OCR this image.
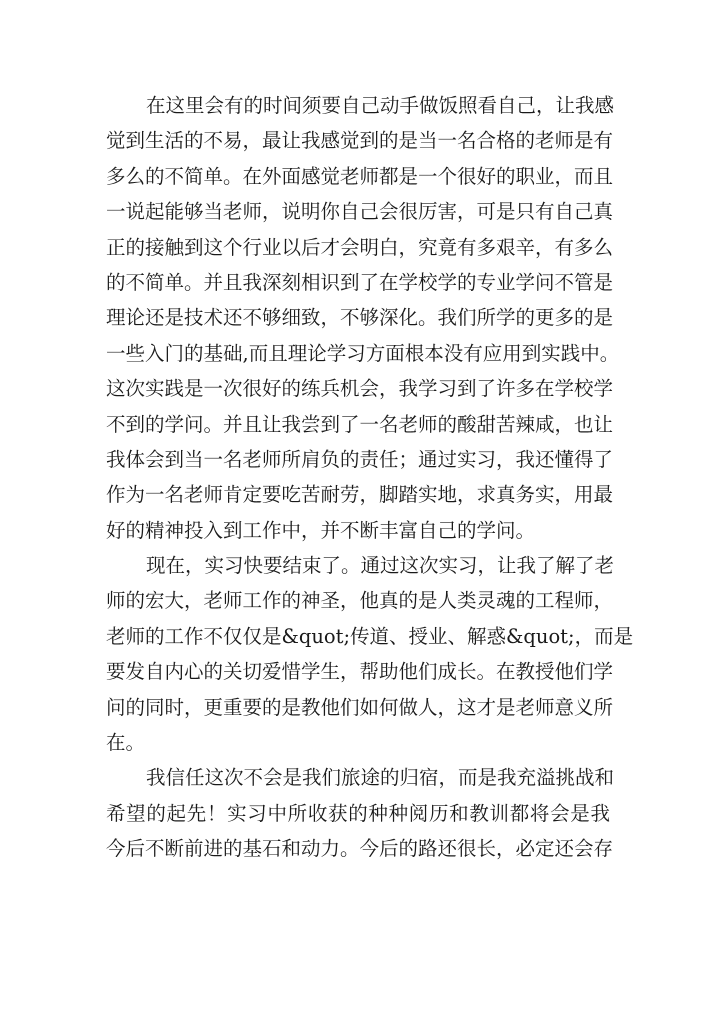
在这里会有的时间须要自己动手做饭照看自己，让我感
觉到生活的不易，最让我感觉到的是当一名合格的老师是有
多么的不简单。在外面感觉老师都是一个很好的职业，而且
一说起能够当老师，说明你自己会很厉害，可是只有自己真
正的接触到这个行业以后才会明白，究竟有多艰辛，有多么
的不简单。并且我深刻相识到了在学校学的专业学问不管是
理论还是技术还不够细致，不够深化。我们所学的更多的是
一些入门的基础,而且理论学习方面根本没有应用到实践中。
这次实践是一次很好的练兵机会，我学习到了许多在学校学
不到的学问。并且让我尝到了一名老师的酸甜苦辣咸，也让
我体会到当一名老师所肩负的责任；通过实习，我还懂得了
作为一名老师肯定要吃苦耐劳，脚踏实地，求真务实，用最
好的精神投入到工作中，并不断丰富自己的学问。
现在，实习快要结束了。通过这次实习，让我了解了老
师的宏大，老师工作的神圣，他真的是人类灵魂的工程师，
老师的工作不仅仅是&quot;传道、授业、解惑&quot;，而是
要发自内心的关切爱惜学生，帮助他们成长。在教授他们学
问的同时，更重要的是教他们如何做人，这才是老师意义所
在。
我信任这次不会是我们旅途的归宿，而是我充溢挑战和
希望的起先！实习中所收获的种种阅历和教训都将会是我
今后不断前进的基石和动力。今后的路还很长，必定还会存
